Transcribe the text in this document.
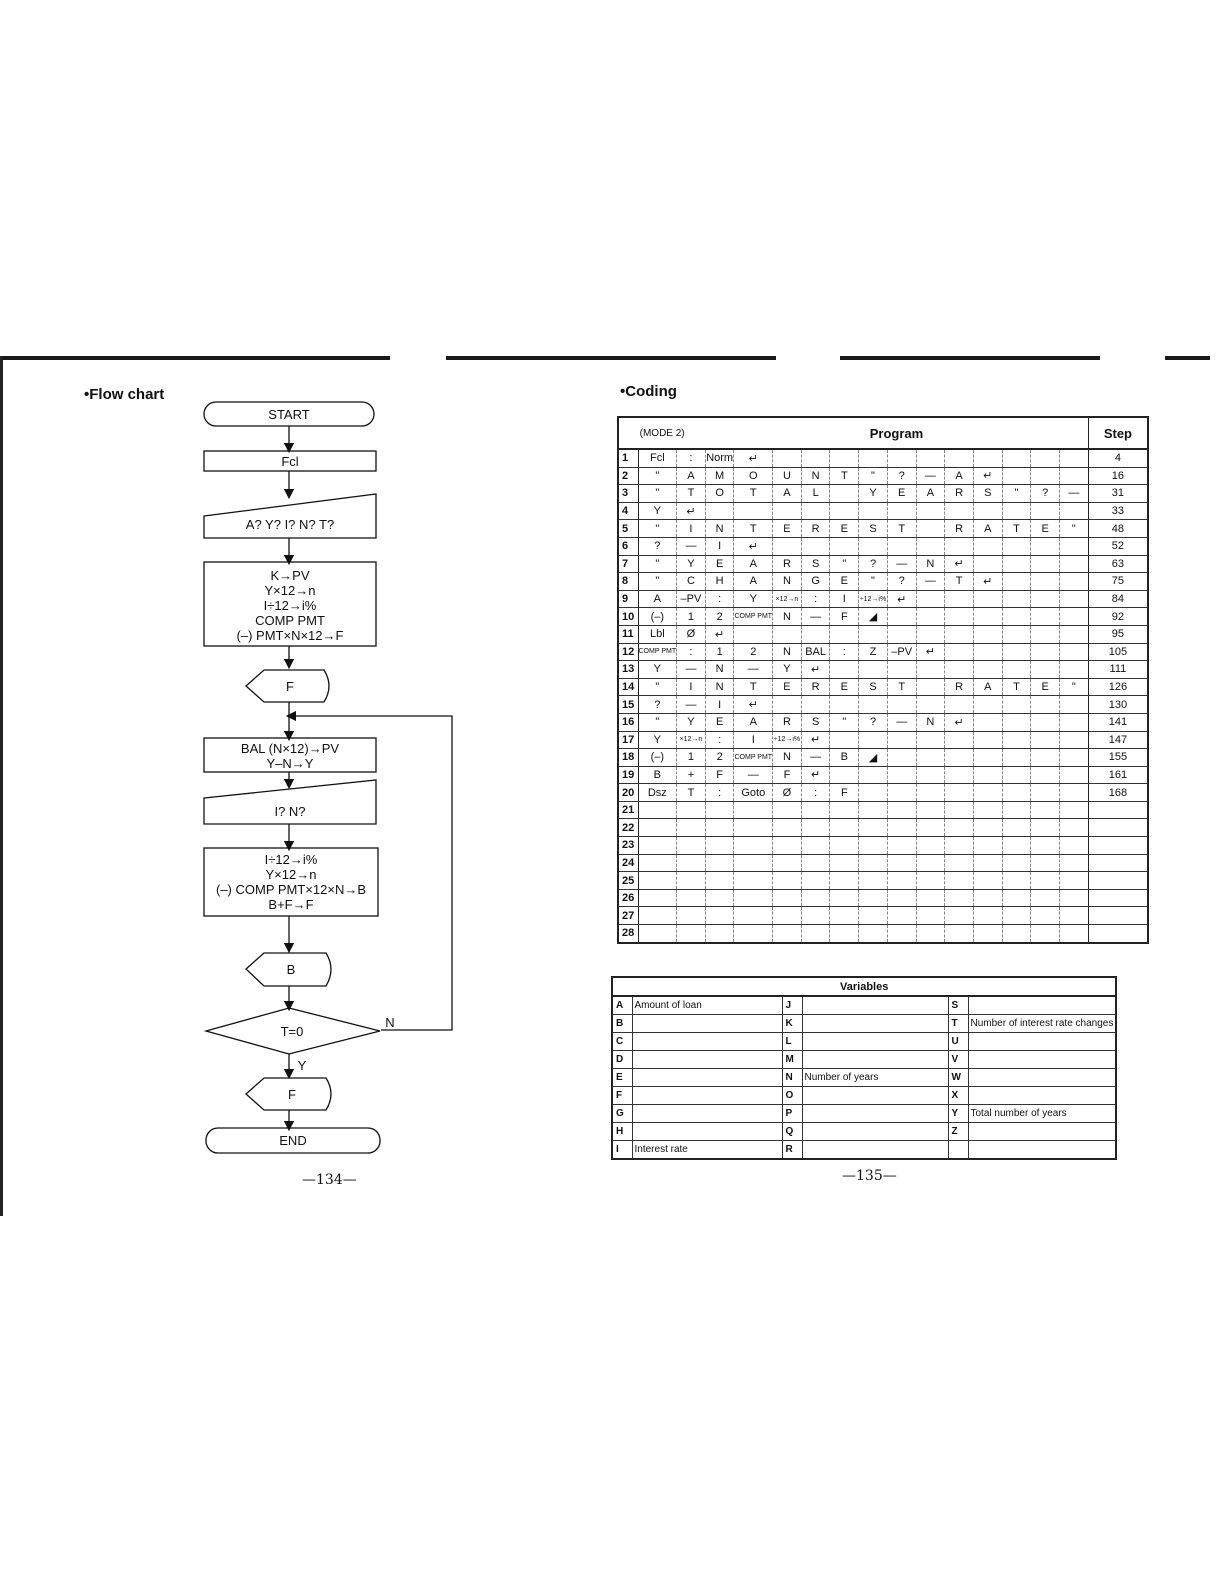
•Flow chart
START
Fcl
A? Y? I? N? T?
K→PV
Y×12→n
I÷12→i%
COMP PMT
(–) PMT×N×12→F
F
BAL (N×12)→PV
Y–N→Y
I? N?
I÷12→i%
Y×12→n
(–) COMP PMT×12×N→B
B+F→F
B
T=0
N
Y
F
END
—134—
•Coding
(MODE 2)			Program													Step
1	Fcl	:	Norm	↵												4
2	"	A	M	O	U	N	T	"	?	—	A	↵				16
3	"	T	O	T	A	L		Y	E	A	R	S	"	?	—	31
4	Y	↵														33
5	"	I	N	T	E	R	E	S	T		R	A	T	E	"	48
6	?	—	I	↵												52
7	"	Y	E	A	R	S	"	?	—	N	↵					63
8	"	C	H	A	N	G	E	"	?	—	T	↵				75
9	A	–PV	:	Y	×12→n	:	I	÷12→i%	↵							84
10	(–)	1	2	COMP PMT	N	—	F	◢								92
11	Lbl	Ø	↵													95
12	COMP PMT	:	1	2	N	BAL	:	Z	–PV	↵						105
13	Y	—	N	—	Y	↵										111
14	"	I	N	T	E	R	E	S	T		R	A	T	E	"	126
15	?	—	I	↵												130
16	"	Y	E	A	R	S	"	?	—	N	↵					141
17	Y	×12→n	:	I	÷12→i%	↵										147
18	(–)	1	2	COMP PMT	N	—	B	◢								155
19	B	+	F	—	F	↵										161
20	Dsz	T	:	Goto	Ø	:	F									168
21																
22																
23																
24																
25																
26																
27																
28																
Variables					
A	Amount of loan	J		S	
B		K		T	Number of interest rate changes
C		L		U	
D		M		V	
E		N	Number of years	W	
F		O		X	
G		P		Y	Total number of years
H		Q		Z	
I	Interest rate	R			
—135—
